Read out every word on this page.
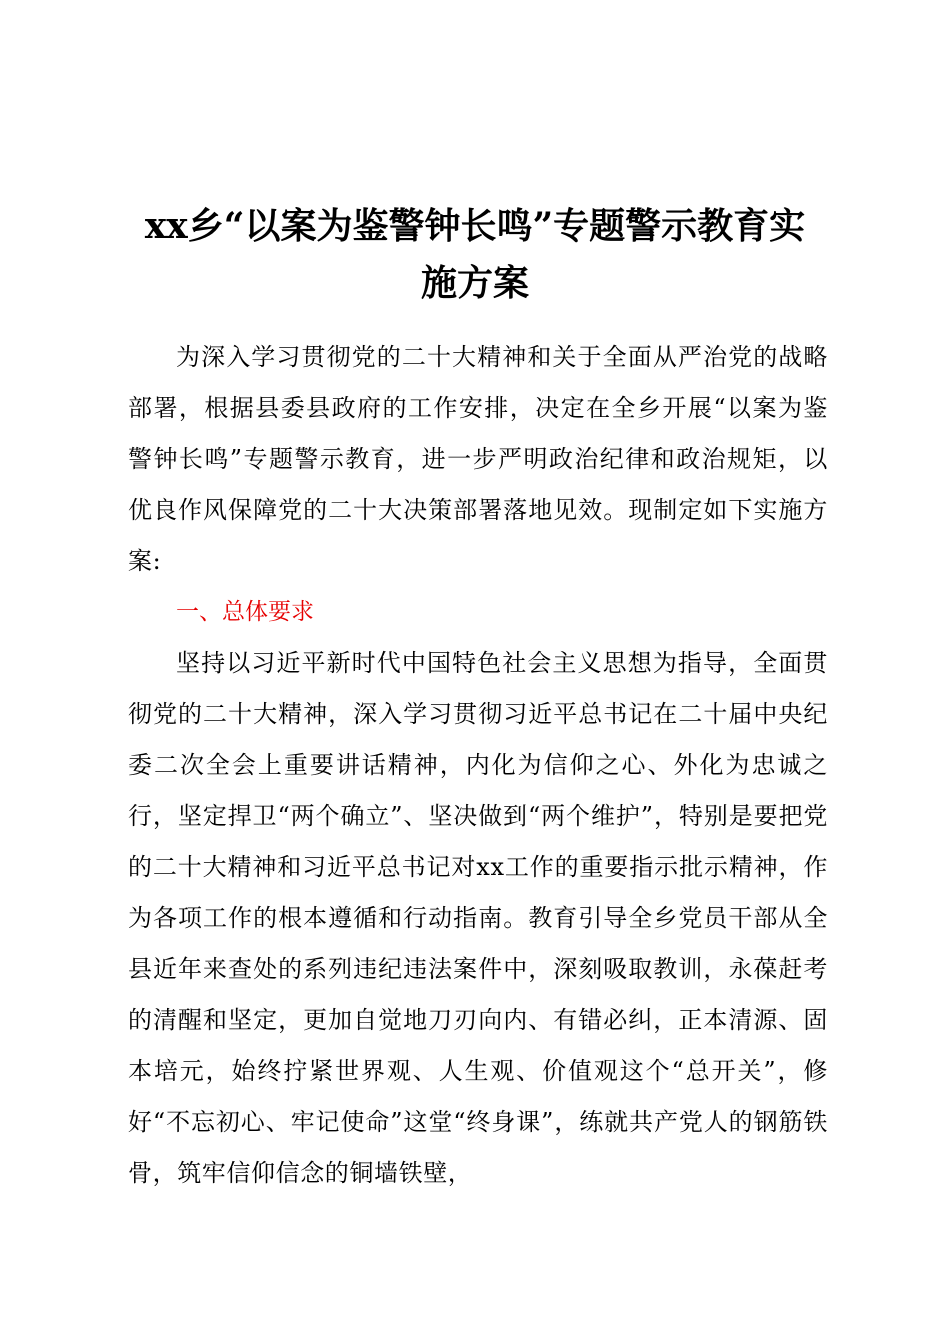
xx乡“以案为鉴警钟长鸣”专题警示教育实施方案

为深入学习贯彻党的二十大精神和关于全面从严治党的战略部署，根据县委县政府的工作安排，决定在全乡开展“以案为鉴警钟长鸣”专题警示教育，进一步严明政治纪律和政治规矩，以优良作风保障党的二十大决策部署落地见效。现制定如下实施方案:

一、总体要求

坚持以习近平新时代中国特色社会主义思想为指导，全面贯彻党的二十大精神，深入学习贯彻习近平总书记在二十届中央纪委二次全会上重要讲话精神，内化为信仰之心、外化为忠诚之行，坚定捍卫“两个确立”、坚决做到“两个维护”，特别是要把党的二十大精神和习近平总书记对xx工作的重要指示批示精神，作为各项工作的根本遵循和行动指南。教育引导全乡党员干部从全县近年来查处的系列违纪违法案件中，深刻吸取教训，永葆赶考的清醒和坚定，更加自觉地刀刃向内、有错必纠，正本清源、固本培元，始终拧紧世界观、人生观、价值观这个“总开关”，修好“不忘初心、牢记使命”这堂“终身课”，练就共产党人的钢筋铁骨，筑牢信仰信念的铜墙铁壁，
